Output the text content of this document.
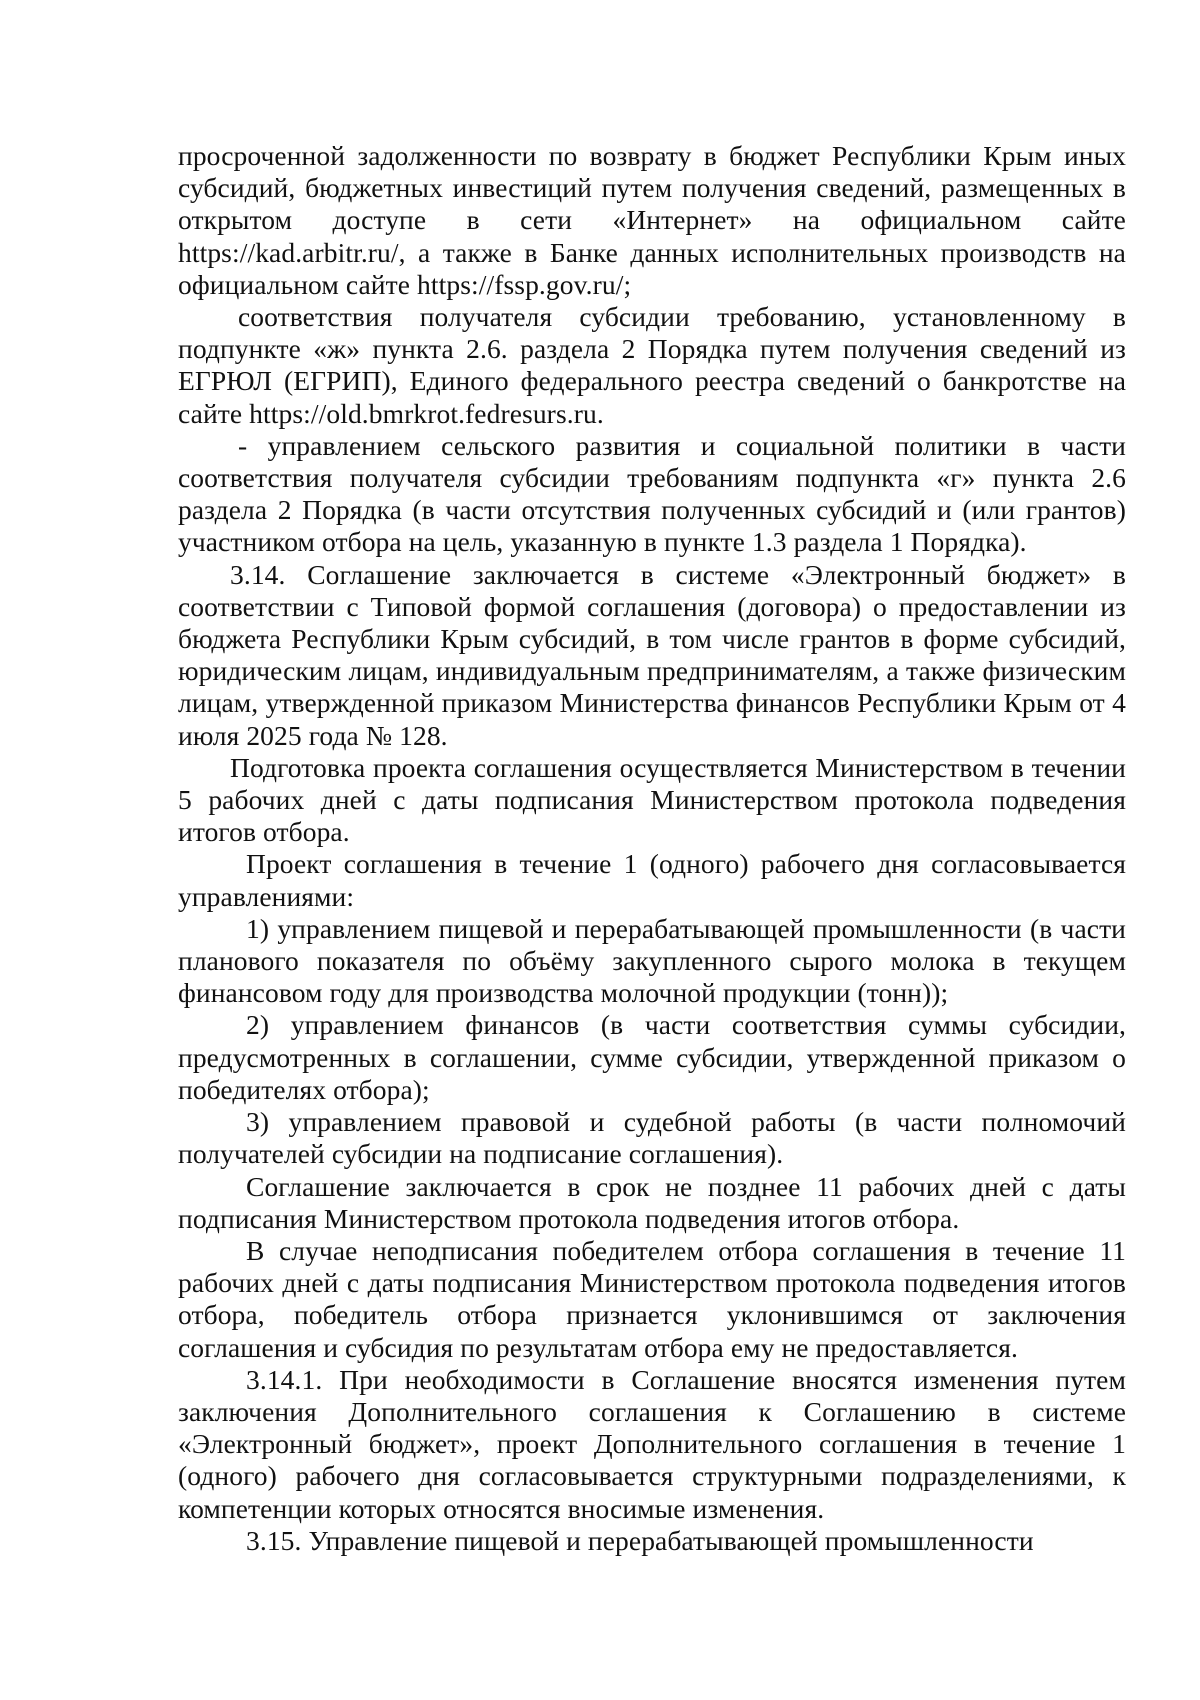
просроченной задолженности по возврату в бюджет Республики Крым иных субсидий, бюджетных инвестиций путем получения сведений, размещенных в открытом доступе в сети «Интернет» на официальном сайте https://kad.arbitr.ru/, а также в Банке данных исполнительных производств на официальном сайте https://fssp.gov.ru/;

соответствия получателя субсидии требованию, установленному в подпункте «ж» пункта 2.6. раздела 2 Порядка путем получения сведений из ЕГРЮЛ (ЕГРИП), Единого федерального реестра сведений о банкротстве на сайте https://old.bmrkrot.fedresurs.ru.

- управлением сельского развития и социальной политики в части соответствия получателя субсидии требованиям подпункта «г» пункта 2.6 раздела 2 Порядка (в части отсутствия полученных субсидий и (или грантов) участником отбора на цель, указанную в пункте 1.3 раздела 1 Порядка).

3.14. Соглашение заключается в системе «Электронный бюджет» в соответствии с Типовой формой соглашения (договора) о предоставлении из бюджета Республики Крым субсидий, в том числе грантов в форме субсидий, юридическим лицам, индивидуальным предпринимателям, а также физическим лицам, утвержденной приказом Министерства финансов Республики Крым от 4 июля 2025 года № 128.

Подготовка проекта соглашения осуществляется Министерством в течении 5 рабочих дней с даты подписания Министерством протокола подведения итогов отбора.

Проект соглашения в течение 1 (одного) рабочего дня согласовывается управлениями:

1) управлением пищевой и перерабатывающей промышленности (в части планового показателя по объёму закупленного сырого молока в текущем финансовом году для производства молочной продукции (тонн));

2) управлением финансов (в части соответствия суммы субсидии, предусмотренных в соглашении, сумме субсидии, утвержденной приказом о победителях отбора);

3) управлением правовой и судебной работы (в части полномочий получателей субсидии на подписание соглашения).

Соглашение заключается в срок не позднее 11 рабочих дней с даты подписания Министерством протокола подведения итогов отбора.

В случае неподписания победителем отбора соглашения в течение 11 рабочих дней с даты подписания Министерством протокола подведения итогов отбора, победитель отбора признается уклонившимся от заключения соглашения и субсидия по результатам отбора ему не предоставляется.

3.14.1. При необходимости в Соглашение вносятся изменения путем заключения Дополнительного соглашения к Соглашению в системе «Электронный бюджет», проект Дополнительного соглашения в течение 1 (одного) рабочего дня согласовывается структурными подразделениями, к компетенции которых относятся вносимые изменения.

3.15. Управление пищевой и перерабатывающей промышленности
